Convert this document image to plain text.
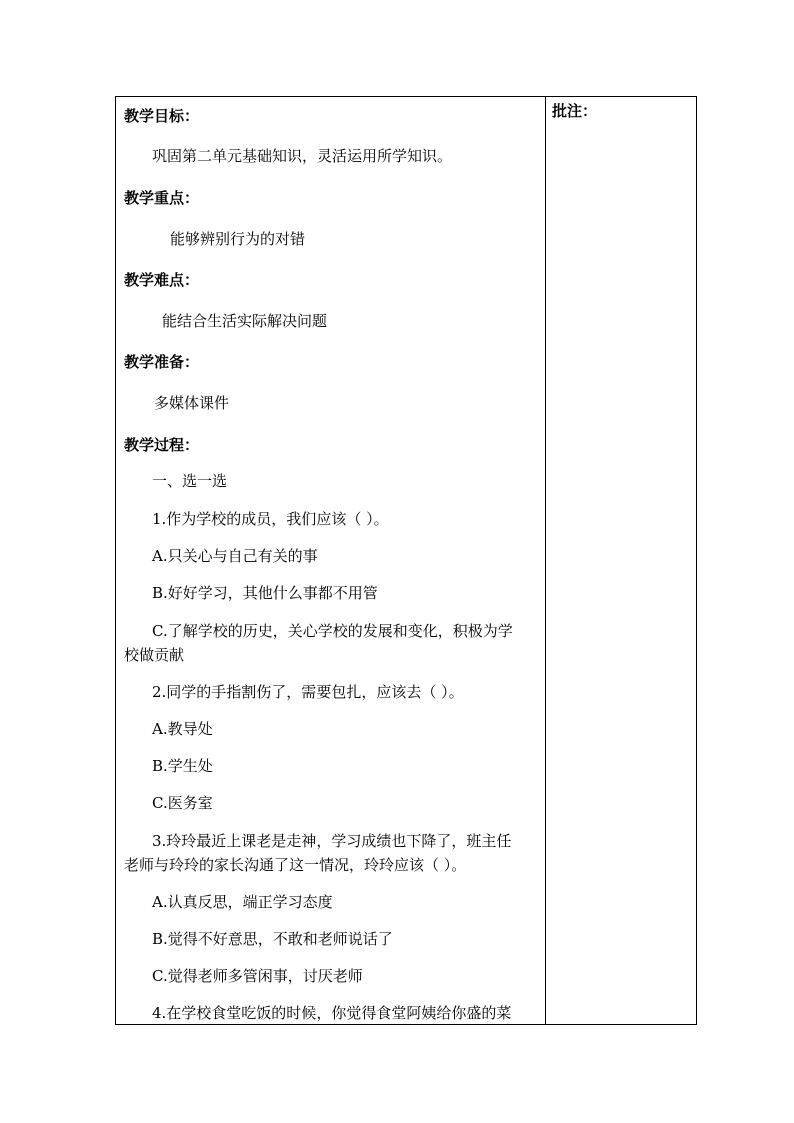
教学目标：
巩固第二单元基础知识，灵活运用所学知识。
教学重点：
能够辨别行为的对错
教学难点：
能结合生活实际解决问题
教学准备：
多媒体课件
教学过程：
一、选一选
1.作为学校的成员，我们应该（ ）。
A.只关心与自己有关的事
B.好好学习，其他什么事都不用管
C.了解学校的历史，关心学校的发展和变化，积极为学
校做贡献
2.同学的手指割伤了，需要包扎，应该去（ ）。
A.教导处
B.学生处
C.医务室
3.玲玲最近上课老是走神，学习成绩也下降了，班主任
老师与玲玲的家长沟通了这一情况，玲玲应该（ ）。
A.认真反思，端正学习态度
B.觉得不好意思，不敢和老师说话了
C.觉得老师多管闲事，讨厌老师
4.在学校食堂吃饭的时候，你觉得食堂阿姨给你盛的菜
批注：
